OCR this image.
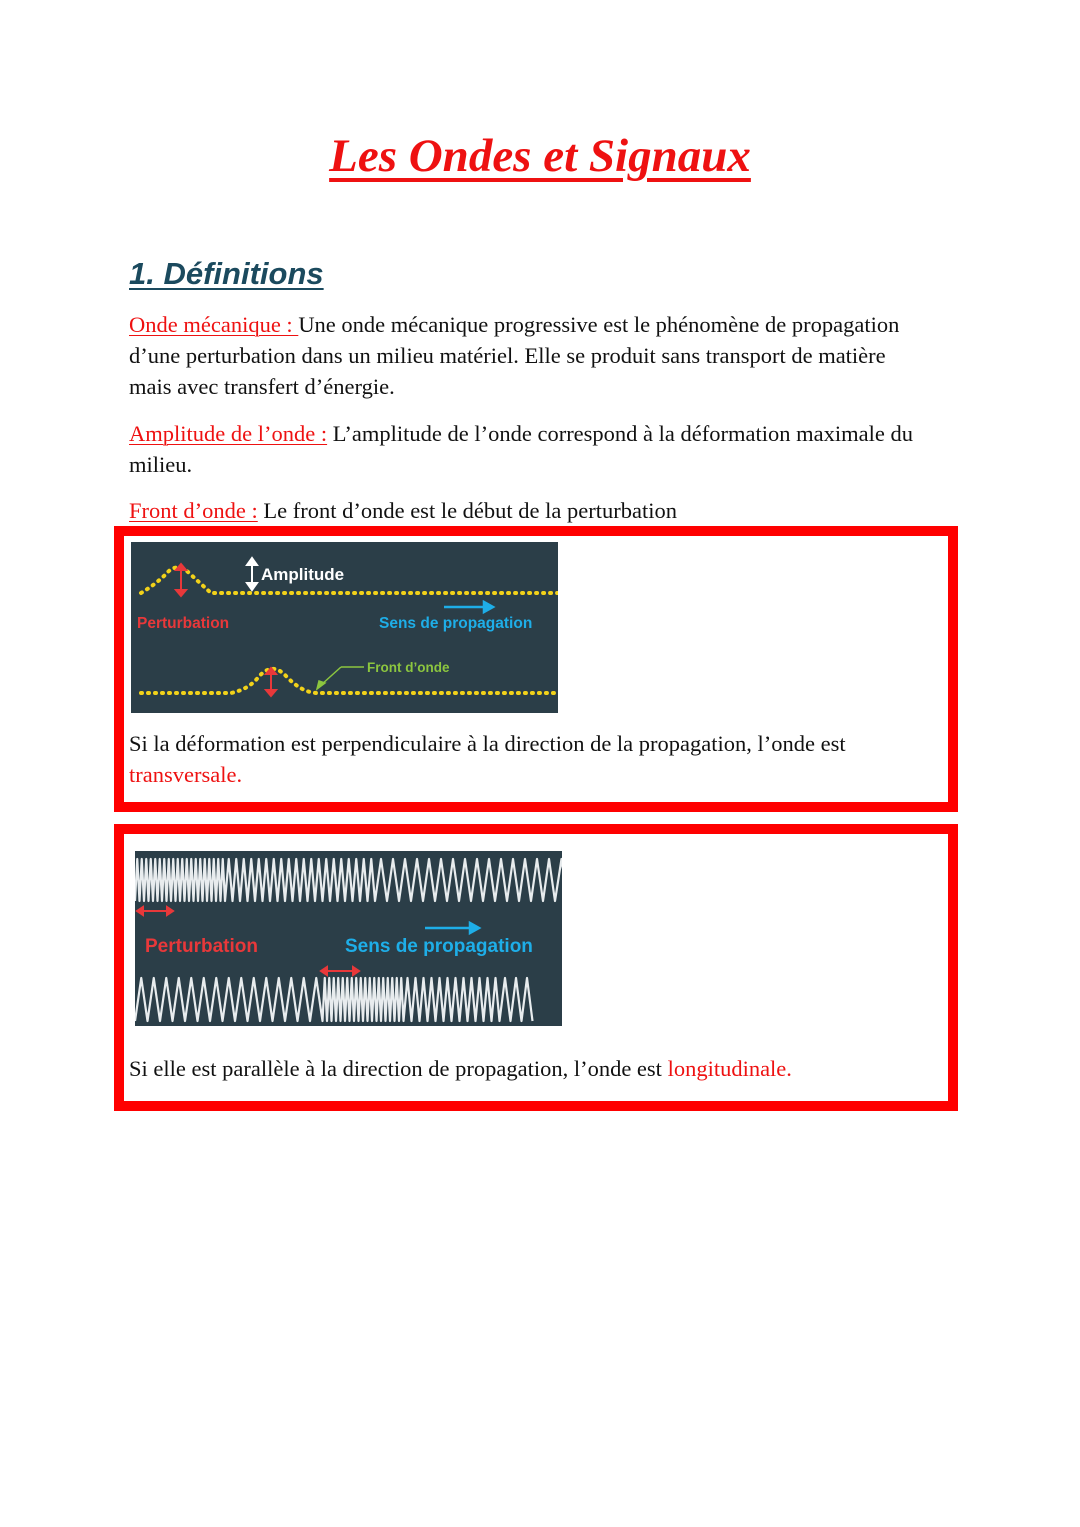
Les Ondes et Signaux
1. Définitions

Onde mécanique : Une onde mécanique progressive est le phénomène de propagation d’une perturbation dans un milieu matériel. Elle se produit sans transport de matière mais avec transfert d’énergie.

Amplitude de l’onde : L’amplitude de l’onde correspond à la déformation maximale du milieu.

Front d’onde : Le front d’onde est le début de la perturbation

Amplitude
Perturbation	Sens de propagation
Front d’onde

Si la déformation est perpendiculaire à la direction de la propagation, l’onde est transversale.

Perturbation	Sens de propagation

Si elle est parallèle à la direction de propagation, l’onde est longitudinale.
